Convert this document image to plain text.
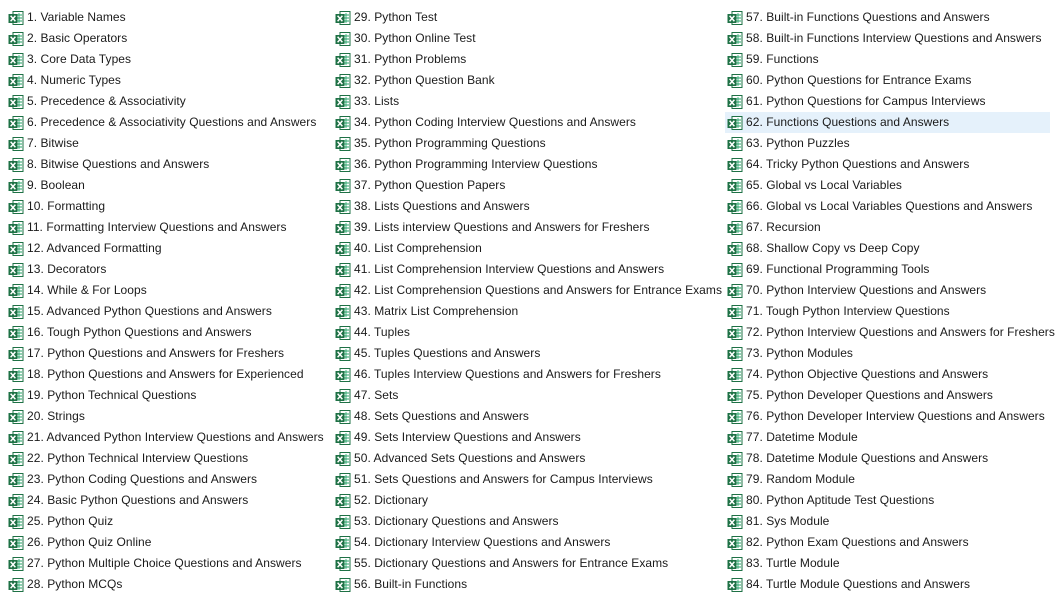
1. Variable Names
2. Basic Operators
3. Core Data Types
4. Numeric Types
5. Precedence & Associativity
6. Precedence & Associativity Questions and Answers
7. Bitwise
8. Bitwise Questions and Answers
9. Boolean
10. Formatting
11. Formatting Interview Questions and Answers
12. Advanced Formatting
13. Decorators
14. While & For Loops
15. Advanced Python Questions and Answers
16. Tough Python Questions and Answers
17. Python Questions and Answers for Freshers
18. Python Questions and Answers for Experienced
19. Python Technical Questions
20. Strings
21. Advanced Python Interview Questions and Answers
22. Python Technical Interview Questions
23. Python Coding Questions and Answers
24. Basic Python Questions and Answers
25. Python Quiz
26. Python Quiz Online
27. Python Multiple Choice Questions and Answers
28. Python MCQs
29. Python Test
30. Python Online Test
31. Python Problems
32. Python Question Bank
33. Lists
34. Python Coding Interview Questions and Answers
35. Python Programming Questions
36. Python Programming Interview Questions
37. Python Question Papers
38. Lists Questions and Answers
39. Lists interview Questions and Answers for Freshers
40. List Comprehension
41. List Comprehension Interview Questions and Answers
42. List Comprehension Questions and Answers for Entrance Exams
43. Matrix List Comprehension
44. Tuples
45. Tuples Questions and Answers
46. Tuples Interview Questions and Answers for Freshers
47. Sets
48. Sets Questions and Answers
49. Sets Interview Questions and Answers
50. Advanced Sets Questions and Answers
51. Sets Questions and Answers for Campus Interviews
52. Dictionary
53. Dictionary Questions and Answers
54. Dictionary Interview Questions and Answers
55. Dictionary Questions and Answers for Entrance Exams
56. Built-in Functions
57. Built-in Functions Questions and Answers
58. Built-in Functions Interview Questions and Answers
59. Functions
60. Python Questions for Entrance Exams
61. Python Questions for Campus Interviews
62. Functions Questions and Answers
63. Python Puzzles
64. Tricky Python Questions and Answers
65. Global vs Local Variables
66. Global vs Local Variables Questions and Answers
67. Recursion
68. Shallow Copy vs Deep Copy
69. Functional Programming Tools
70. Python Interview Questions and Answers
71. Tough Python Interview Questions
72. Python Interview Questions and Answers for Freshers
73. Python Modules
74. Python Objective Questions and Answers
75. Python Developer Questions and Answers
76. Python Developer Interview Questions and Answers
77. Datetime Module
78. Datetime Module Questions and Answers
79. Random Module
80. Python Aptitude Test Questions
81. Sys Module
82. Python Exam Questions and Answers
83. Turtle Module
84. Turtle Module Questions and Answers
